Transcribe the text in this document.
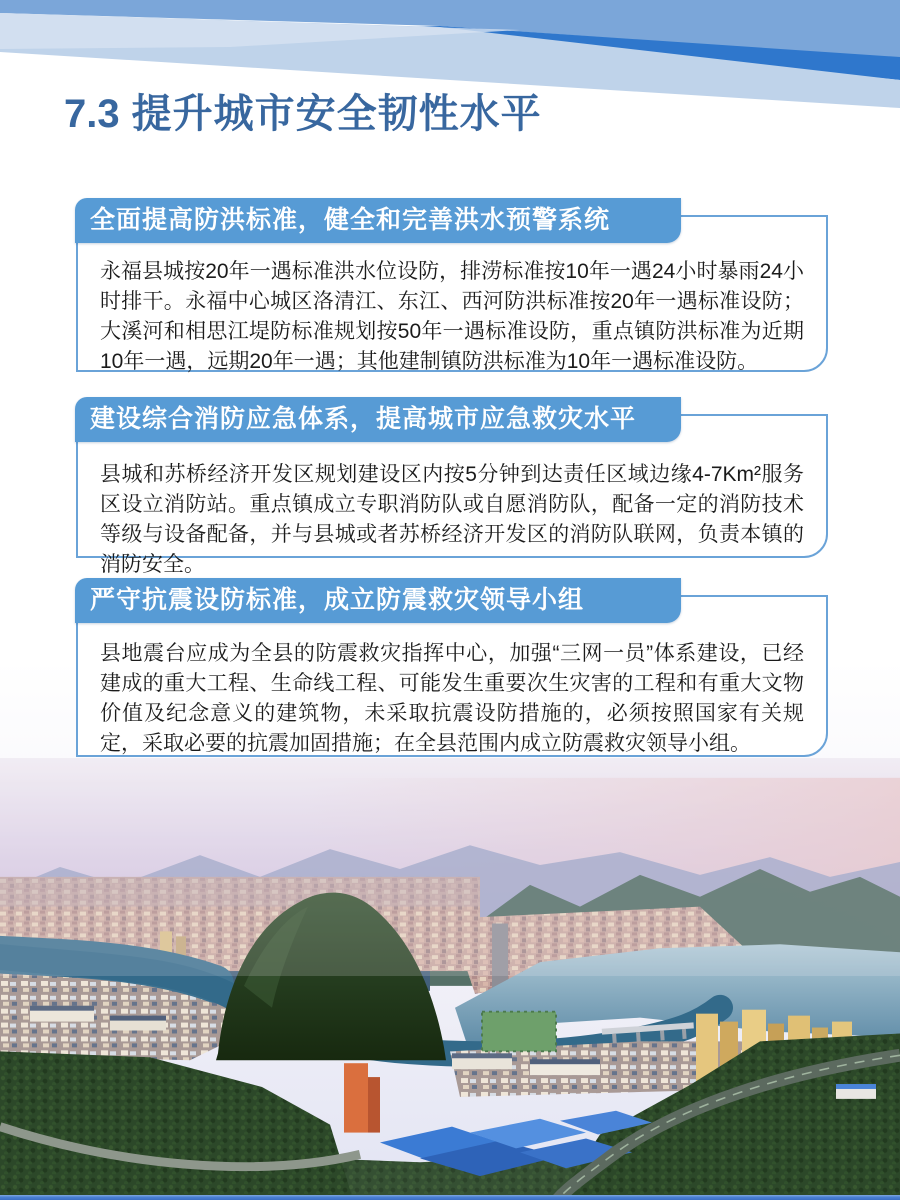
7.3 提升城市安全韧性水平
永福县城按20年一遇标准洪水位设防，排涝标准按10年一遇24小时暴雨24小时排干。永福中心城区洛清江、东江、西河防洪标准按20年一遇标准设防；大溪河和相思江堤防标准规划按50年一遇标准设防，重点镇防洪标准为近期10年一遇，远期20年一遇；其他建制镇防洪标准为10年一遇标准设防。
全面提高防洪标准，健全和完善洪水预警系统
县城和苏桥经济开发区规划建设区内按5分钟到达责任区域边缘4-7Km²服务区设立消防站。重点镇成立专职消防队或自愿消防队，配备一定的消防技术等级与设备配备，并与县城或者苏桥经济开发区的消防队联网，负责本镇的消防安全。
建设综合消防应急体系，提高城市应急救灾水平
县地震台应成为全县的防震救灾指挥中心，加强“三网一员”体系建设，已经建成的重大工程、生命线工程、可能发生重要次生灾害的工程和有重大文物价值及纪念意义的建筑物，未采取抗震设防措施的，必须按照国家有关规定，采取必要的抗震加固措施；在全县范围内成立防震救灾领导小组。
严守抗震设防标准，成立防震救灾领导小组
